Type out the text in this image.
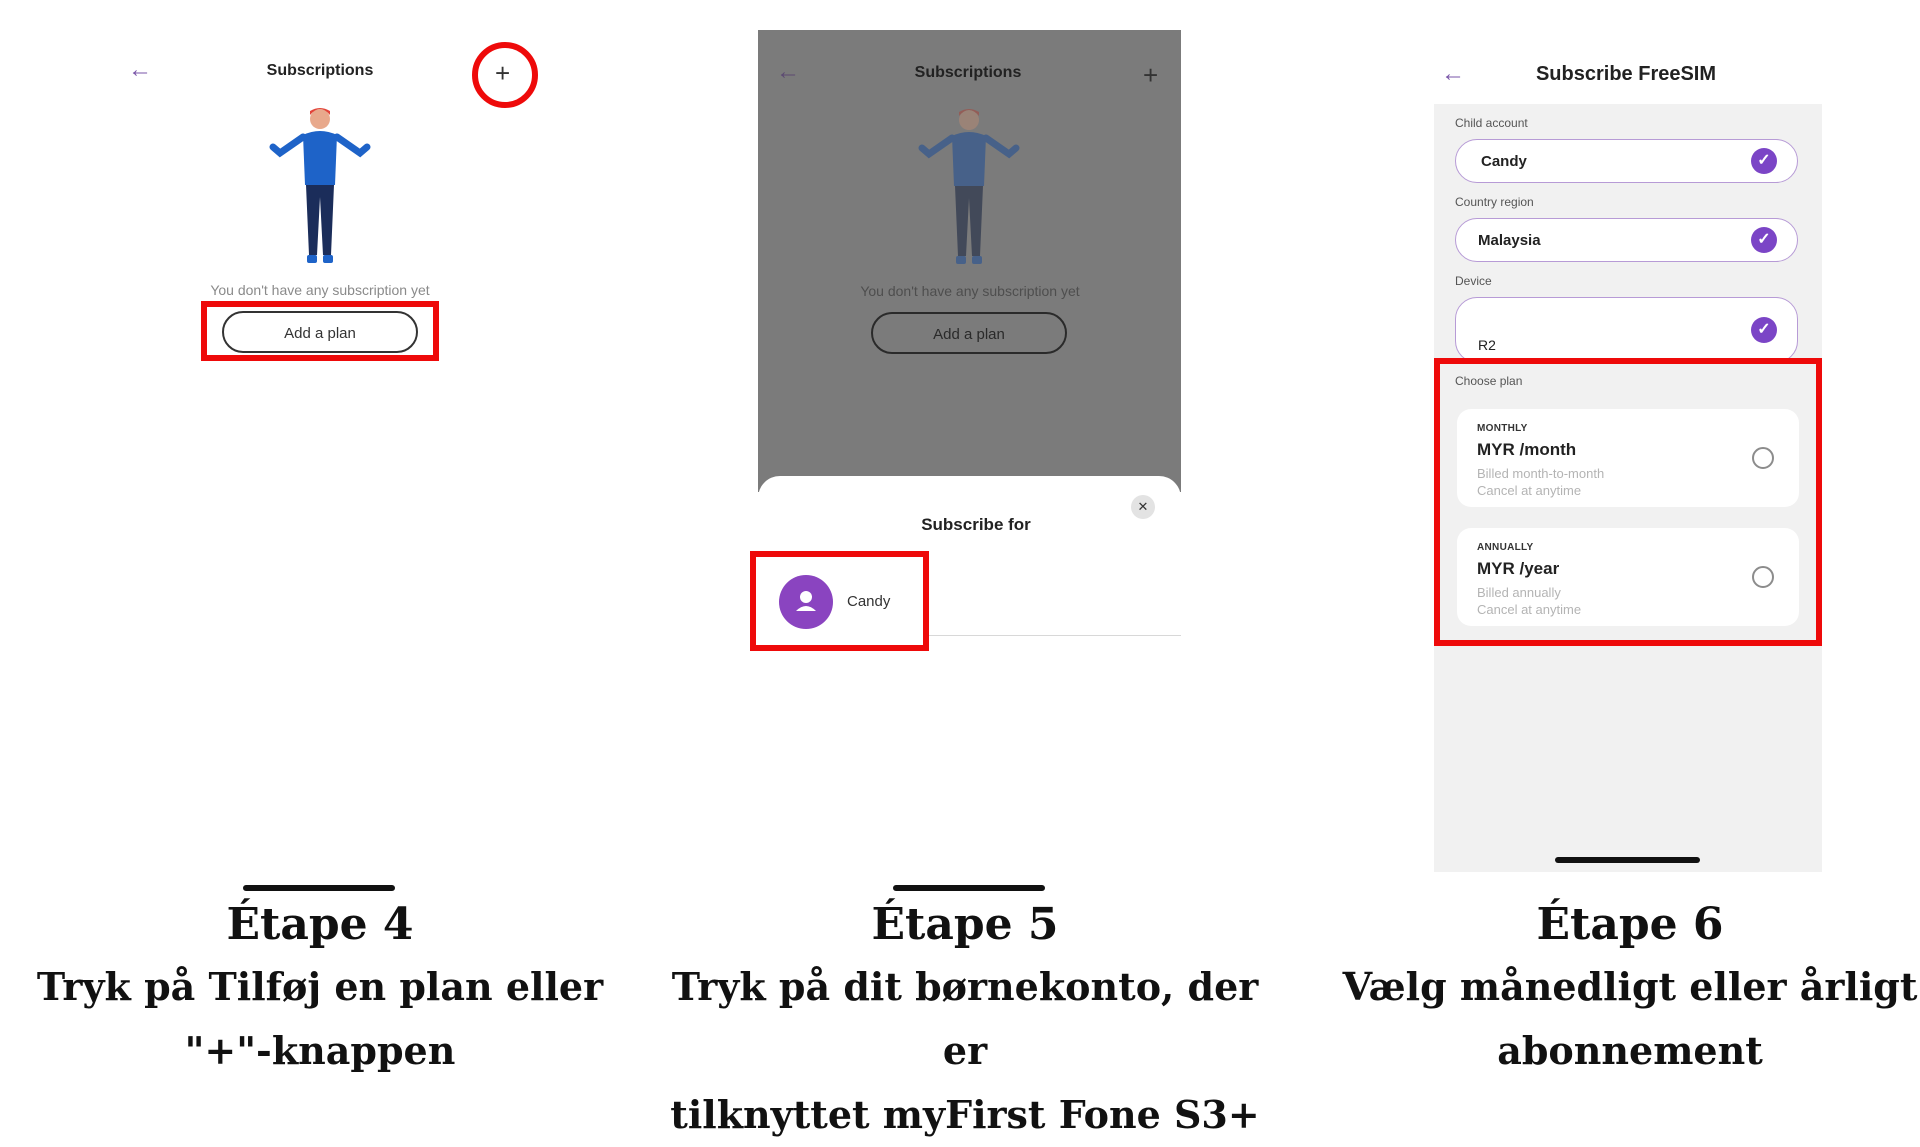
←	Subscriptions	+
You don't have any subscription yet
Add a plan
←	Subscriptions	+
You don't have any subscription yet
Add a plan
✕
Subscribe for
Candy
←	Subscribe FreeSIM
Child account
Candy	✓
Country region
Malaysia	✓
Device
R2
✓
Choose plan
MONTHLY
MYR /month
Billed month-to-month
Cancel at anytime
ANNUALLY
MYR /year
Billed annually
Cancel at anytime
Étape 4
Tryk på Tilføj en plan eller
"+"-knappen
Étape 5
Tryk på dit børnekonto, der er
tilknyttet myFirst Fone S3+
Étape 6
Vælg månedligt eller årligt
abonnement
